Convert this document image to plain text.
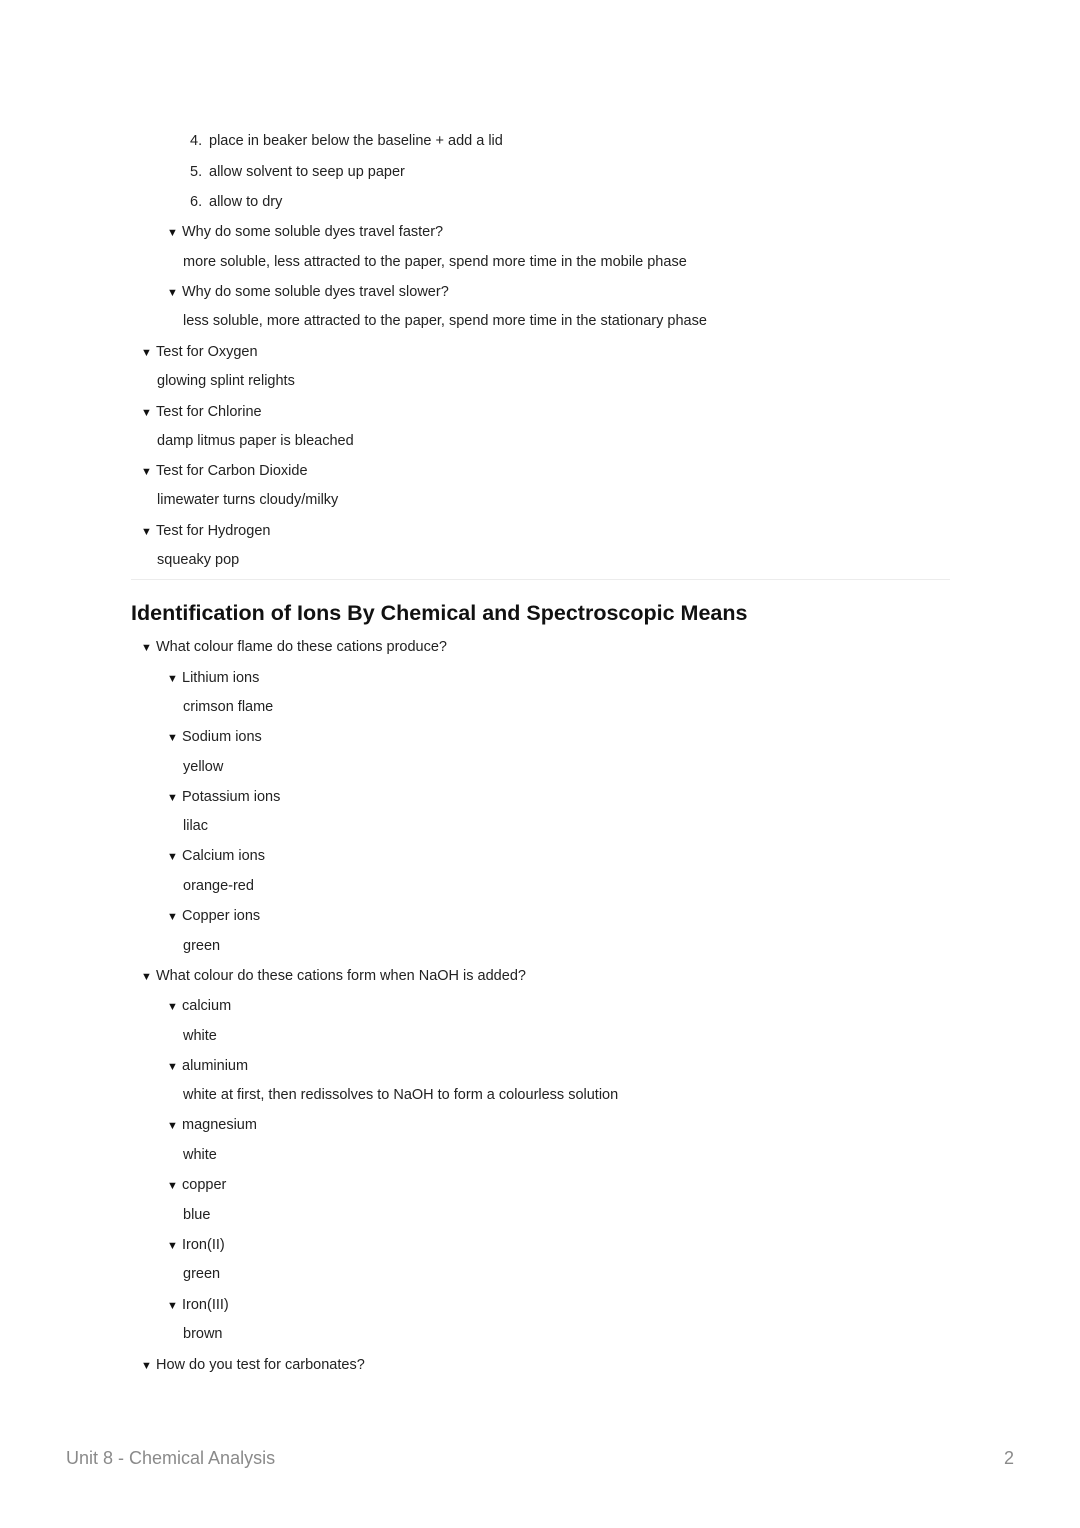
4. place in beaker below the baseline + add a lid
5. allow solvent to seep up paper
6. allow to dry
▼ Why do some soluble dyes travel faster?
more soluble, less attracted to the paper, spend more time in the mobile phase
▼ Why do some soluble dyes travel slower?
less soluble, more attracted to the paper, spend more time in the stationary phase
▼ Test for Oxygen
glowing splint relights
▼ Test for Chlorine
damp litmus paper is bleached
▼ Test for Carbon Dioxide
limewater turns cloudy/milky
▼ Test for Hydrogen
squeaky pop
Identification of Ions By Chemical and Spectroscopic Means
▼ What colour flame do these cations produce?
▼ Lithium ions
crimson flame
▼ Sodium ions
yellow
▼ Potassium ions
lilac
▼ Calcium ions
orange-red
▼ Copper ions
green
▼ What colour do these cations form when NaOH is added?
▼ calcium
white
▼ aluminium
white at first, then redissolves to NaOH to form a colourless solution
▼ magnesium
white
▼ copper
blue
▼ Iron(II)
green
▼ Iron(III)
brown
▼ How do you test for carbonates?
Unit 8 - Chemical Analysis	2
